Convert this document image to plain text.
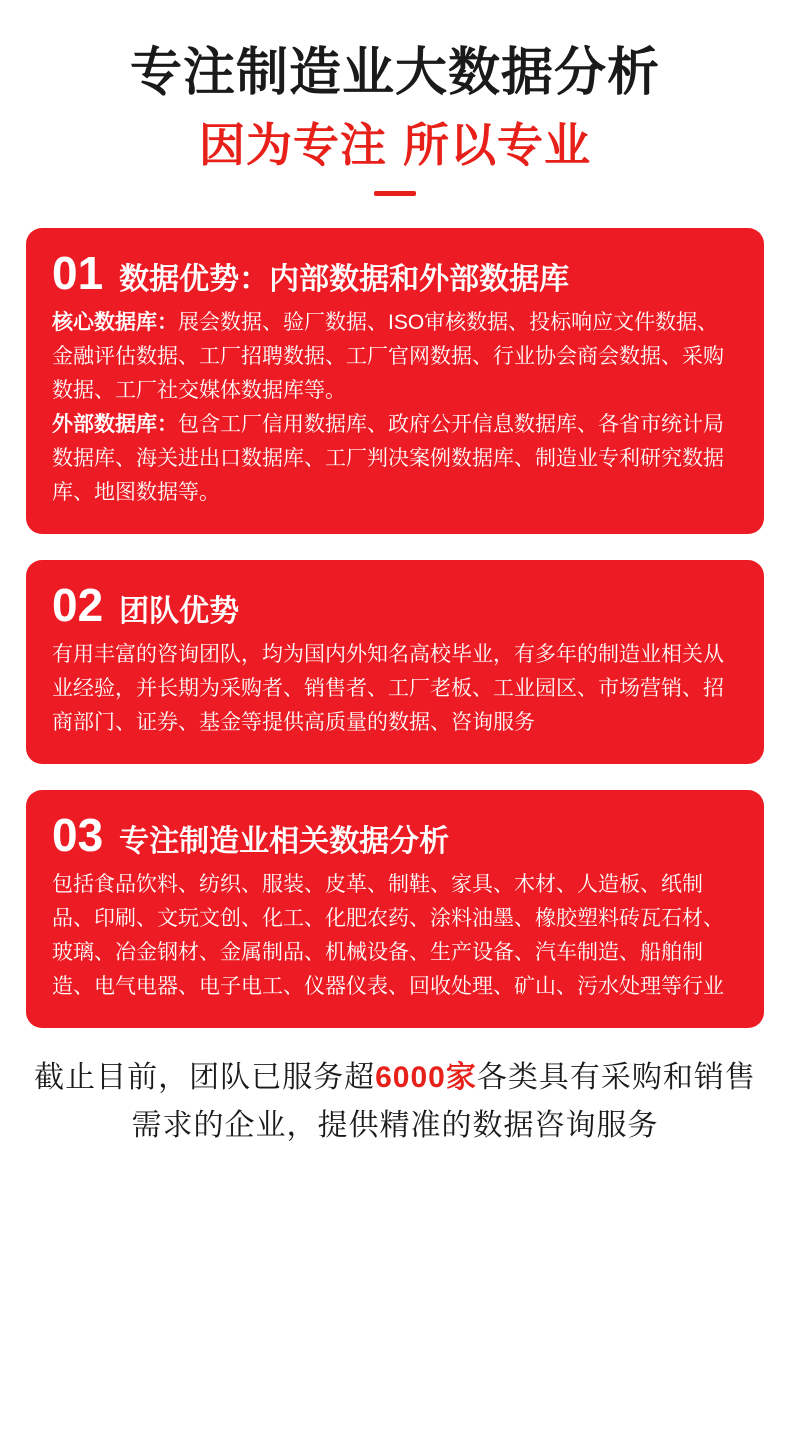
专注制造业大数据分析
因为专注 所以专业
01 数据优势：内部数据和外部数据库

核心数据库：展会数据、验厂数据、ISO审核数据、投标响应文件数据、金融评估数据、工厂招聘数据、工厂官网数据、行业协会商会数据、采购数据、工厂社交媒体数据库等。

外部数据库：包含工厂信用数据库、政府公开信息数据库、各省市统计局数据库、海关进出口数据库、工厂判决案例数据库、制造业专利研究数据库、地图数据等。

02 团队优势

有用丰富的咨询团队，均为国内外知名高校毕业，有多年的制造业相关从业经验，并长期为采购者、销售者、工厂老板、工业园区、市场营销、招商部门、证券、基金等提供高质量的数据、咨询服务

03 专注制造业相关数据分析

包括食品饮料、纺织、服装、皮革、制鞋、家具、木材、人造板、纸制品、印刷、文玩文创、化工、化肥农药、涂料油墨、橡胶塑料砖瓦石材、玻璃、冶金钢材、金属制品、机械设备、生产设备、汽车制造、船舶制造、电气电器、电子电工、仪器仪表、回收处理、矿山、污水处理等行业

截止目前，团队已服务超6000家各类具有采购和销售需求的企业，提供精准的数据咨询服务
